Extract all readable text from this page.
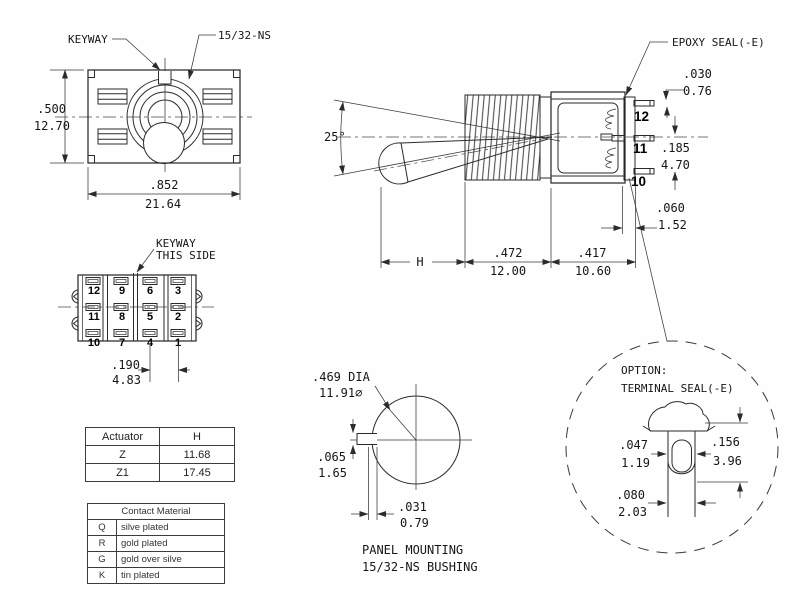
KEYWAY	15/32-NS
.500
12.70
.852
21.64
25°
EPOXY SEAL(-E)
.030
0.76
12
11
10
.185
4.70
.060
1.52
H
.472
12.00
.417
10.60
12 9 6 3
11 8 5 2
10 7 4 1
KEYWAY
THIS SIDE
.190
4.83	.469 DIA
11.91∅
.065
1.65
.031
0.79
PANEL MOUNTING
15/32-NS BUSHING
OPTION:
TERMINAL SEAL(-E)
.047
1.19
.156
3.96
.080
2.03
Actuator	H
Z	11.68
Z1	17.45
Contact Material	
Q	silve plated
R	gold plated
G	gold over silve
K	tin plated
